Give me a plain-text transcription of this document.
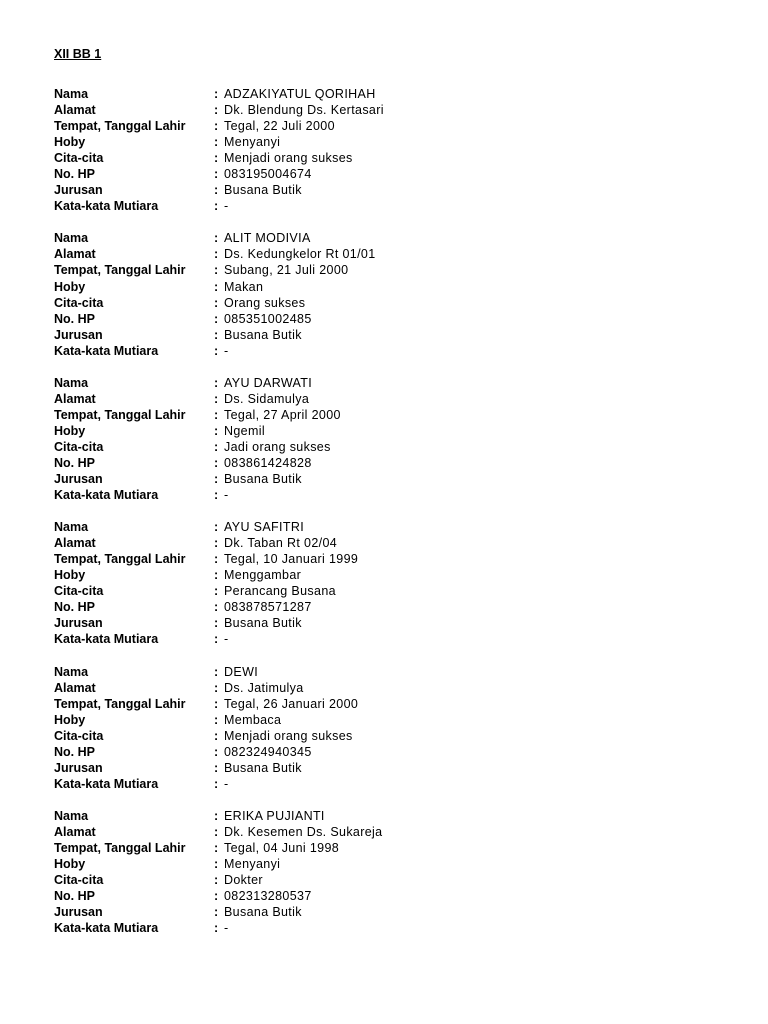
XII BB 1
Nama	: ADZAKIYATUL QORIHAH
Alamat	: Dk. Blendung Ds. Kertasari
Tempat, Tanggal Lahir	: Tegal, 22 Juli 2000
Hoby	: Menyanyi
Cita-cita	: Menjadi orang sukses
No. HP	: 083195004674
Jurusan	: Busana Butik
Kata-kata Mutiara	: -
Nama	: ALIT MODIVIA
Alamat	: Ds. Kedungkelor Rt 01/01
Tempat, Tanggal Lahir	: Subang, 21 Juli 2000
Hoby	: Makan
Cita-cita	: Orang sukses
No. HP	: 085351002485
Jurusan	: Busana Butik
Kata-kata Mutiara	: -
Nama	: AYU DARWATI
Alamat	: Ds. Sidamulya
Tempat, Tanggal Lahir	: Tegal, 27 April 2000
Hoby	: Ngemil
Cita-cita	: Jadi orang sukses
No. HP	: 083861424828
Jurusan	: Busana Butik
Kata-kata Mutiara	: -
Nama	: AYU SAFITRI
Alamat	: Dk. Taban Rt 02/04
Tempat, Tanggal Lahir	: Tegal, 10 Januari 1999
Hoby	: Menggambar
Cita-cita	: Perancang Busana
No. HP	: 083878571287
Jurusan	: Busana Butik
Kata-kata Mutiara	: -
Nama	: DEWI
Alamat	: Ds. Jatimulya
Tempat, Tanggal Lahir	: Tegal, 26 Januari 2000
Hoby	: Membaca
Cita-cita	: Menjadi orang sukses
No. HP	: 082324940345
Jurusan	: Busana Butik
Kata-kata Mutiara	: -
Nama	: ERIKA PUJIANTI
Alamat	: Dk. Kesemen Ds. Sukareja
Tempat, Tanggal Lahir	: Tegal, 04 Juni 1998
Hoby	: Menyanyi
Cita-cita	: Dokter
No. HP	: 082313280537
Jurusan	: Busana Butik
Kata-kata Mutiara	: -
